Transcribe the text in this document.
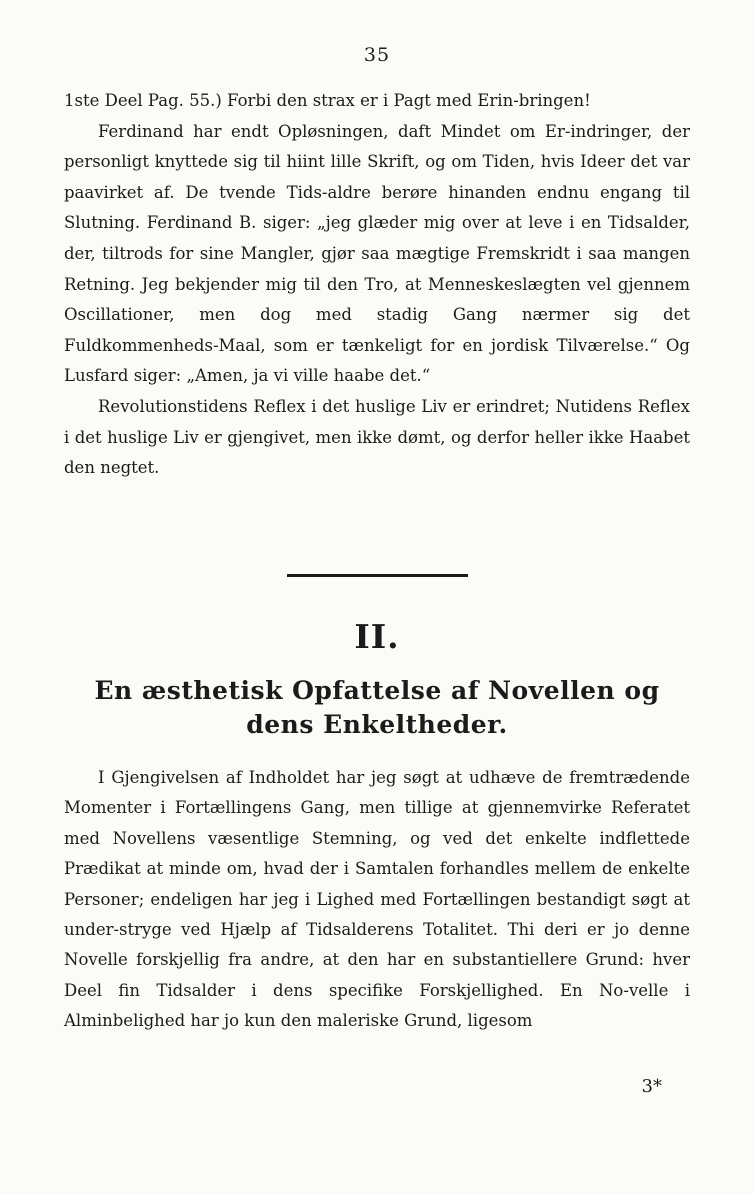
35

1ste Deel Pag. 55.) Forbi den strax er i Pagt med Erin-bringen!

Ferdinand har endt Opløsningen, daft Mindet om Er-indringer, der personligt knyttede sig til hiint lille Skrift, og om Tiden, hvis Ideer det var paavirket af. De tvende Tids-aldre berøre hinanden endnu engang til Slutning. Ferdinand B. siger: „jeg glæder mig over at leve i en Tidsalder, der, tiltrods for sine Mangler, gjør saa mægtige Fremskridt i saa mangen Retning. Jeg bekjender mig til den Tro, at Menneskeslægten vel gjennem Oscillationer, men dog med stadig Gang nærmer sig det Fuldkommenheds-Maal, som er tænkeligt for en jordisk Tilværelse.“ Og Lusfard siger: „Amen, ja vi ville haabe det.“

Revolutionstidens Reflex i det huslige Liv er erindret; Nutidens Reflex i det huslige Liv er gjengivet, men ikke dømt, og derfor heller ikke Haabet den negtet.

II.
En æsthetisk Opfattelse af Novellen og
dens Enkeltheder.

I Gjengivelsen af Indholdet har jeg søgt at udhæve de fremtrædende Momenter i Fortællingens Gang, men tillige at gjennemvirke Referatet med Novellens væsentlige Stemning, og ved det enkelte indflettede Prædikat at minde om, hvad der i Samtalen forhandles mellem de enkelte Personer; endeligen har jeg i Lighed med Fortællingen bestandigt søgt at under-stryge ved Hjælp af Tidsalderens Totalitet. Thi deri er jo denne Novelle forskjellig fra andre, at den har en substantiellere Grund: hver Deel fin Tidsalder i dens specifike Forskjellighed. En No-velle i Alminbelighed har jo kun den maleriske Grund, ligesom

3*
